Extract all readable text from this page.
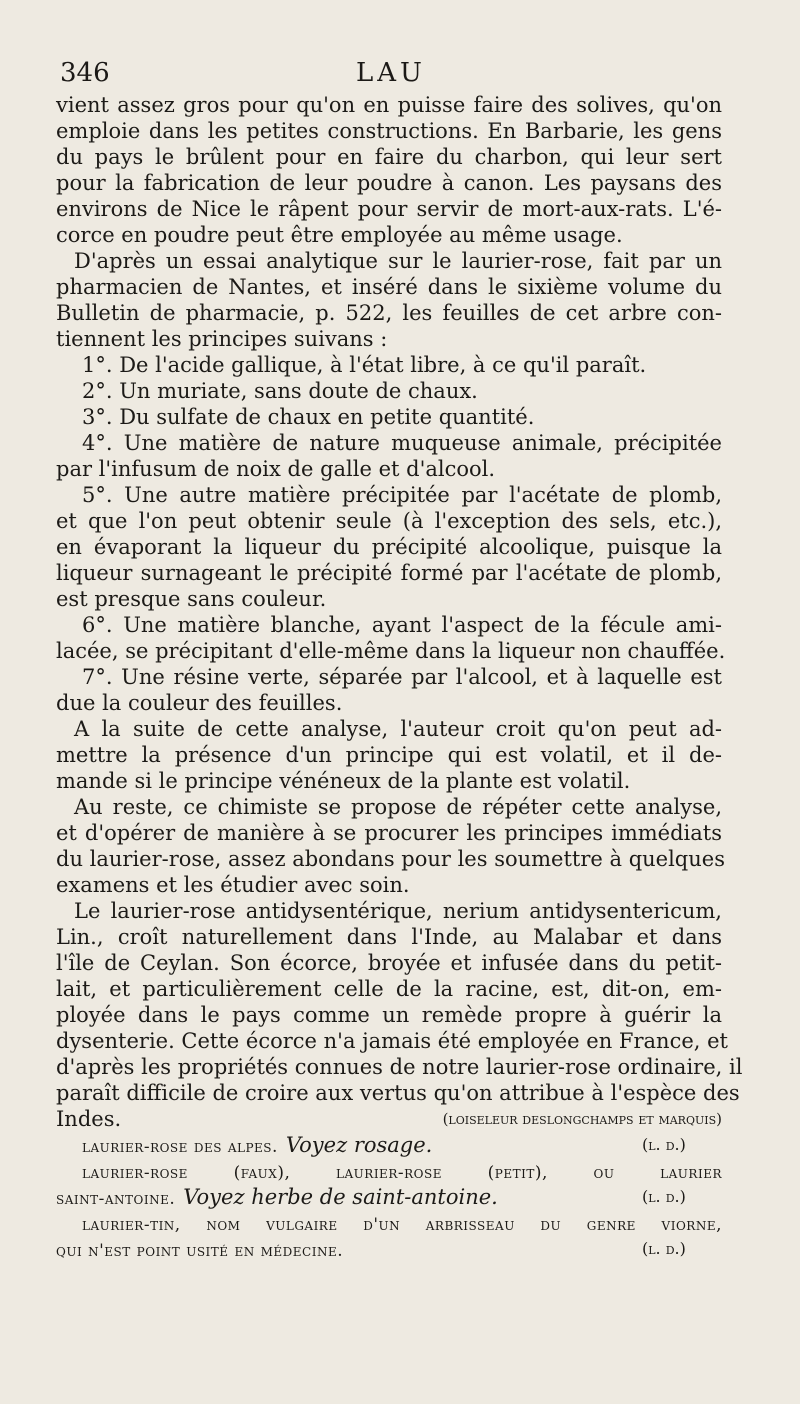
346	LAU
vient assez gros pour qu'on en puisse faire des solives, qu'on
emploie dans les petites constructions. En Barbarie, les gens
du pays le brûlent pour en faire du charbon, qui leur sert
pour la fabrication de leur poudre à canon. Les paysans des
environs de Nice le râpent pour servir de mort-aux-rats. L'é-
corce en poudre peut être employée au même usage.
D'après un essai analytique sur le laurier-rose, fait par un
pharmacien de Nantes, et inséré dans le sixième volume du
Bulletin de pharmacie, p. 522, les feuilles de cet arbre con-
tiennent les principes suivans :
1°. De l'acide gallique, à l'état libre, à ce qu'il paraît.
2°. Un muriate, sans doute de chaux.
3°. Du sulfate de chaux en petite quantité.
4°. Une matière de nature muqueuse animale, précipitée
par l'infusum de noix de galle et d'alcool.
5°. Une autre matière précipitée par l'acétate de plomb,
et que l'on peut obtenir seule (à l'exception des sels, etc.),
en évaporant la liqueur du précipité alcoolique, puisque la
liqueur surnageant le précipité formé par l'acétate de plomb,
est presque sans couleur.
6°. Une matière blanche, ayant l'aspect de la fécule ami-
lacée, se précipitant d'elle-même dans la liqueur non chauffée.
7°. Une résine verte, séparée par l'alcool, et à laquelle est
due la couleur des feuilles.
A la suite de cette analyse, l'auteur croit qu'on peut ad-
mettre la présence d'un principe qui est volatil, et il de-
mande si le principe vénéneux de la plante est volatil.
Au reste, ce chimiste se propose de répéter cette analyse,
et d'opérer de manière à se procurer les principes immédiats
du laurier-rose, assez abondans pour les soumettre à quelques
examens et les étudier avec soin.
Le laurier-rose antidysentérique, nerium antidysentericum,
Lin., croît naturellement dans l'Inde, au Malabar et dans
l'île de Ceylan. Son écorce, broyée et infusée dans du petit-
lait, et particulièrement celle de la racine, est, dit-on, em-
ployée dans le pays comme un remède propre à guérir la
dysenterie. Cette écorce n'a jamais été employée en France, et
d'après les propriétés connues de notre laurier-rose ordinaire, il
paraît difficile de croire aux vertus qu'on attribue à l'espèce des
Indes.	(loiseleur deslongchamps et marquis)
laurier-rose des alpes. Voyez rosage.	(l. d.)
laurier-rose (faux), laurier-rose (petit), ou laurier
saint-antoine. Voyez herbe de saint-antoine.	(l. d.)
laurier-tin, nom vulgaire d'un arbrisseau du genre viorne,
qui n'est point usité en médecine.	(l. d.)
